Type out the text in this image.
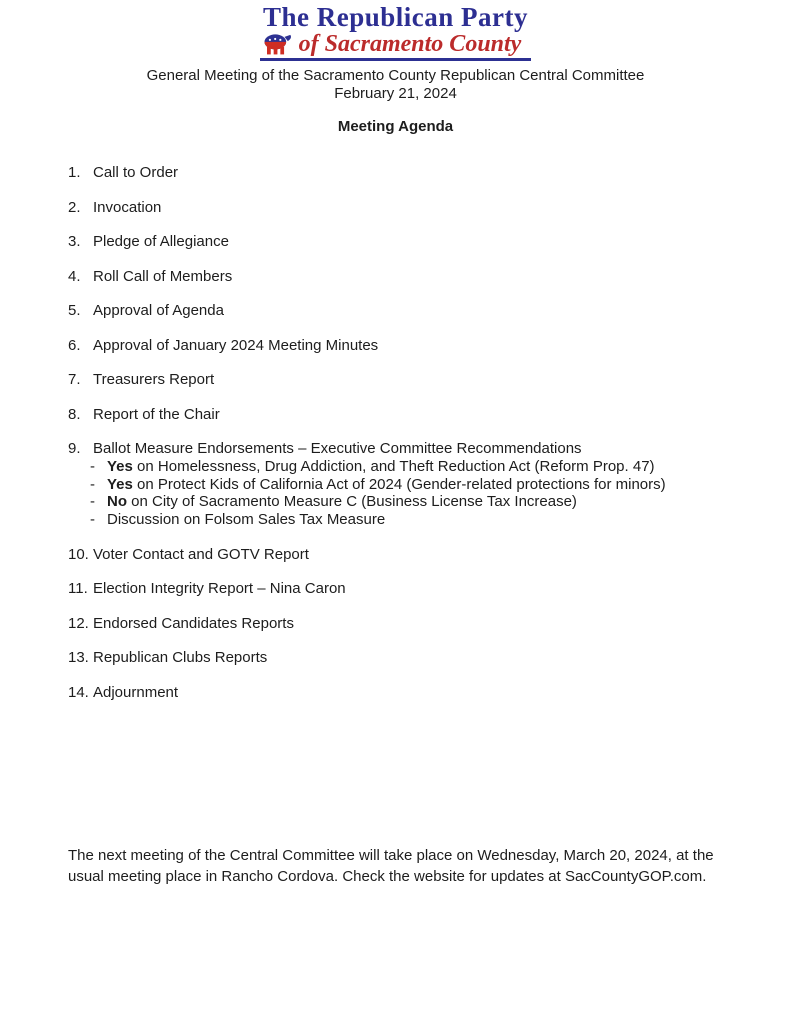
The Republican Party
of Sacramento County
General Meeting of the Sacramento County Republican Central Committee
February 21, 2024
Meeting Agenda
1. Call to Order
2. Invocation
3. Pledge of Allegiance
4. Roll Call of Members
5. Approval of Agenda
6. Approval of January 2024 Meeting Minutes
7. Treasurers Report
8. Report of the Chair
9. Ballot Measure Endorsements – Executive Committee Recommendations
- Yes on Homelessness, Drug Addiction, and Theft Reduction Act (Reform Prop. 47)
- Yes on Protect Kids of California Act of 2024 (Gender-related protections for minors)
- No on City of Sacramento Measure C (Business License Tax Increase)
- Discussion on Folsom Sales Tax Measure
10. Voter Contact and GOTV Report
11. Election Integrity Report – Nina Caron
12. Endorsed Candidates Reports
13. Republican Clubs Reports
14. Adjournment
The next meeting of the Central Committee will take place on Wednesday, March 20, 2024, at the usual meeting place in Rancho Cordova. Check the website for updates at SacCountyGOP.com.
